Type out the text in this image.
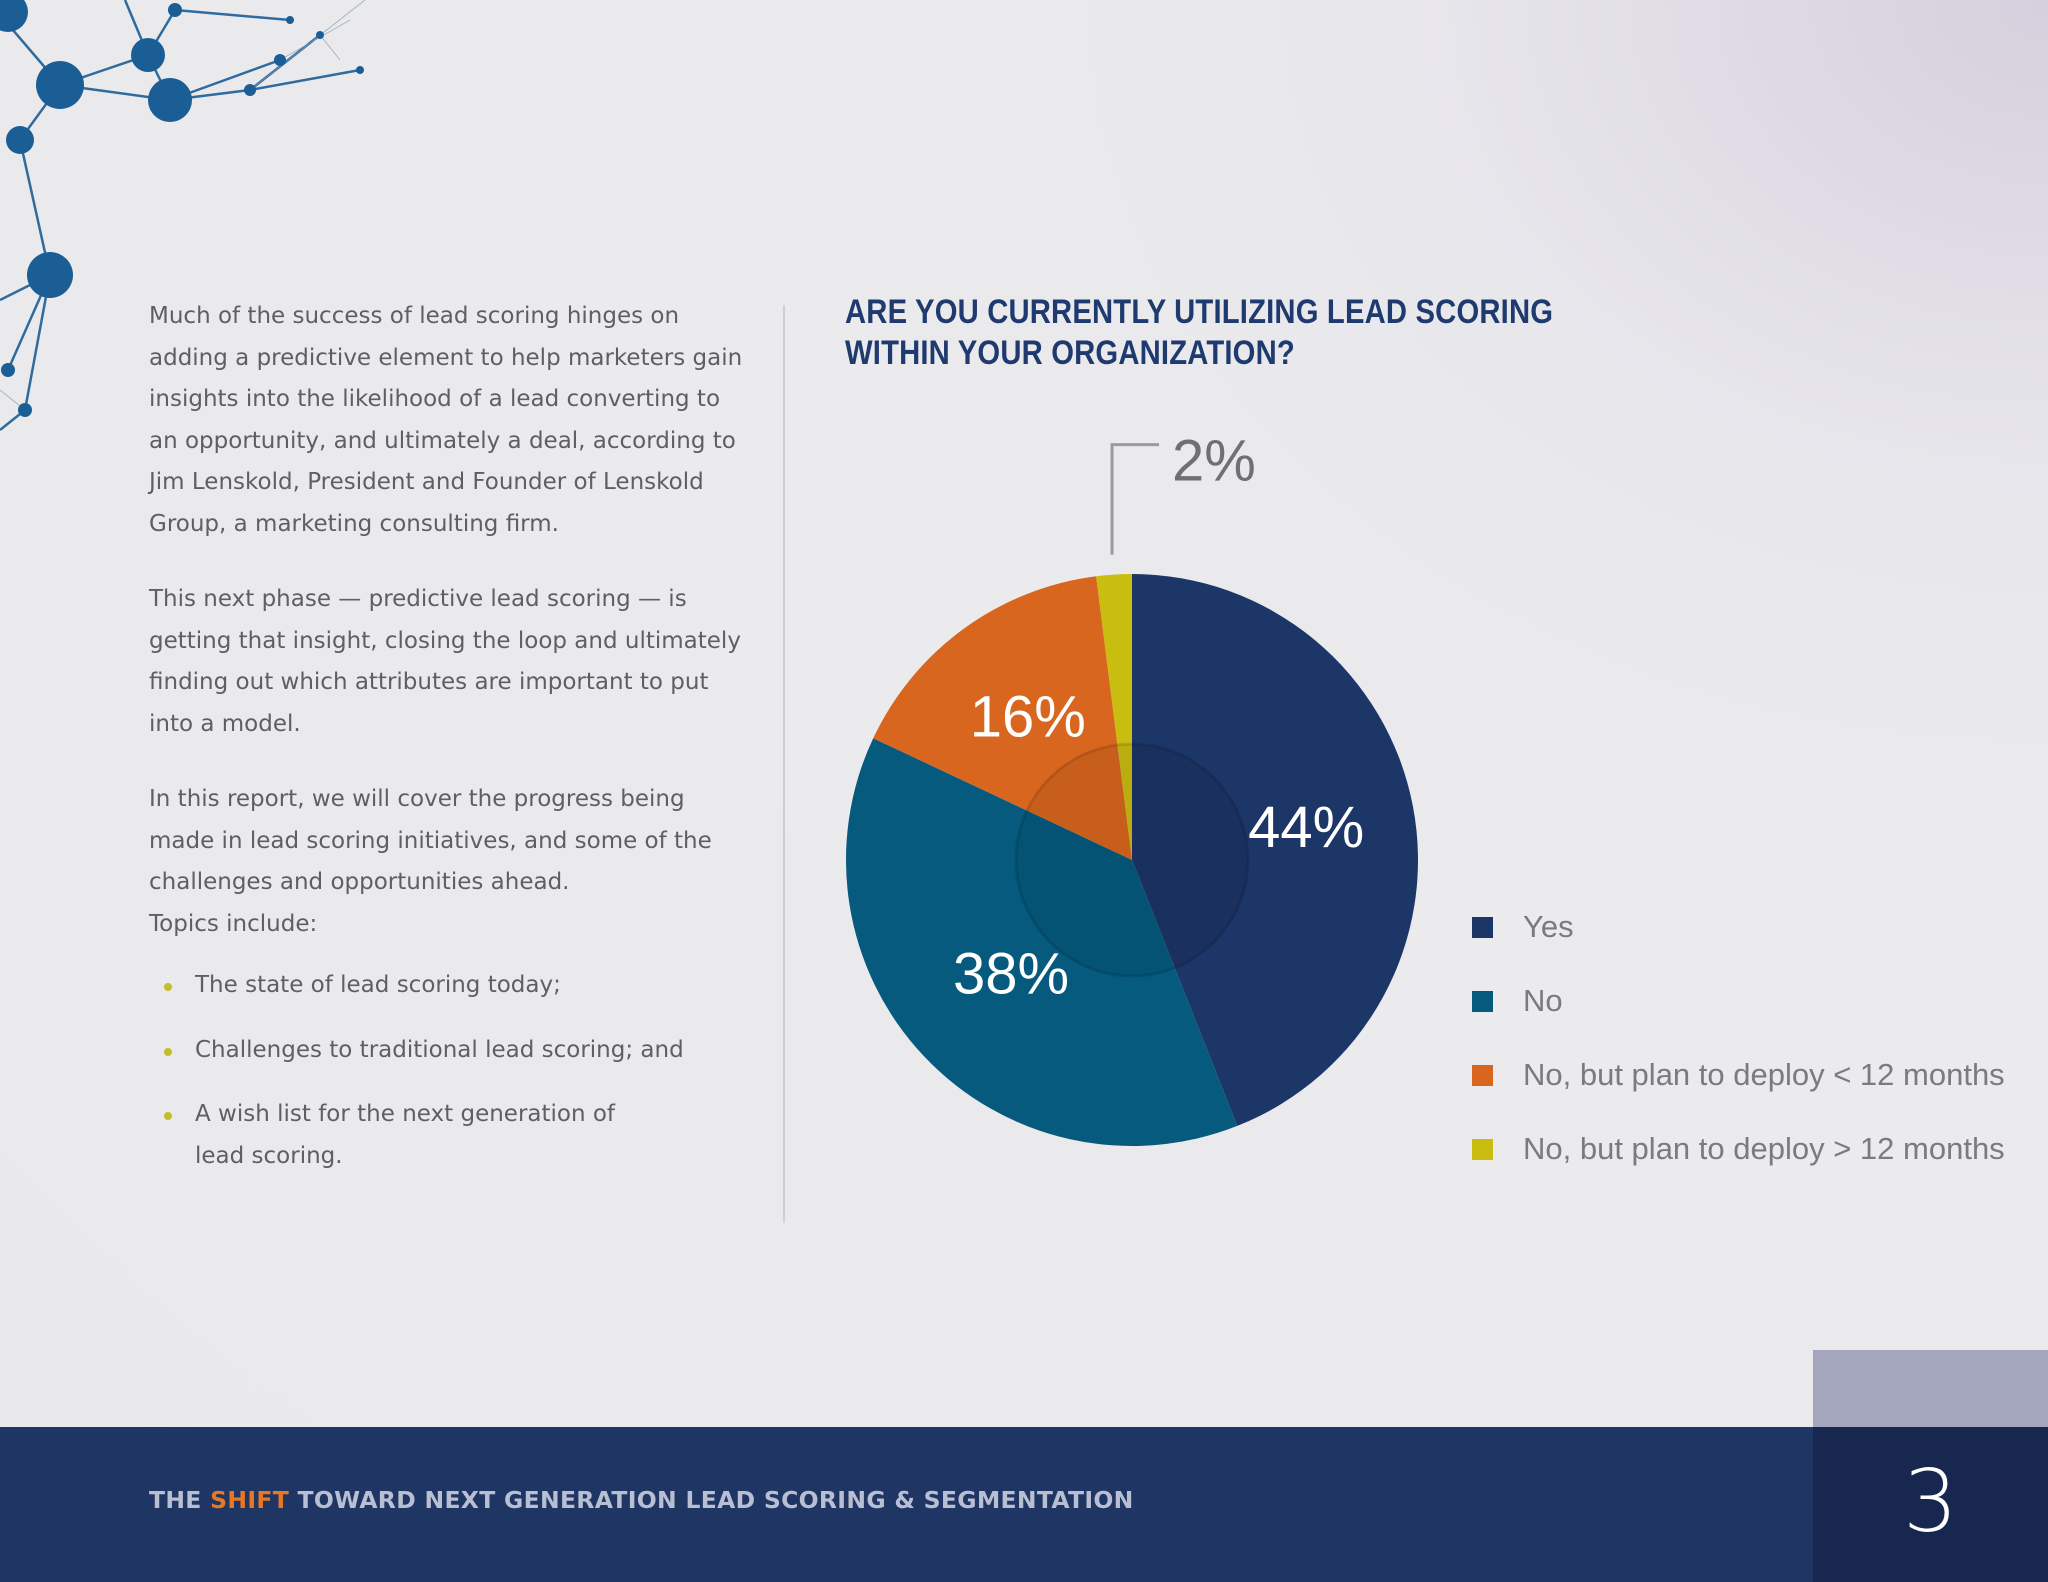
Much of the success of lead scoring hinges on adding a predictive element to help marketers gain insights into the likelihood of a lead converting to an opportunity, and ultimately a deal, according to Jim Lenskold, President and Founder of Lenskold Group, a marketing consulting firm.

This next phase — predictive lead scoring — is getting that insight, closing the loop and ultimately finding out which attributes are important to put into a model.

In this report, we will cover the progress being made in lead scoring initiatives, and some of the challenges and opportunities ahead.
Topics include:

The state of lead scoring today;
Challenges to traditional lead scoring; and
A wish list for the next generation of lead scoring.
ARE YOU CURRENTLY UTILIZING LEAD SCORING WITHIN YOUR ORGANIZATION?
44%
38%
16%
2%
Yes
No
No, but plan to deploy < 12 months
No, but plan to deploy > 12 months
THE SHIFT TOWARD NEXT GENERATION LEAD SCORING & SEGMENTATION	3
